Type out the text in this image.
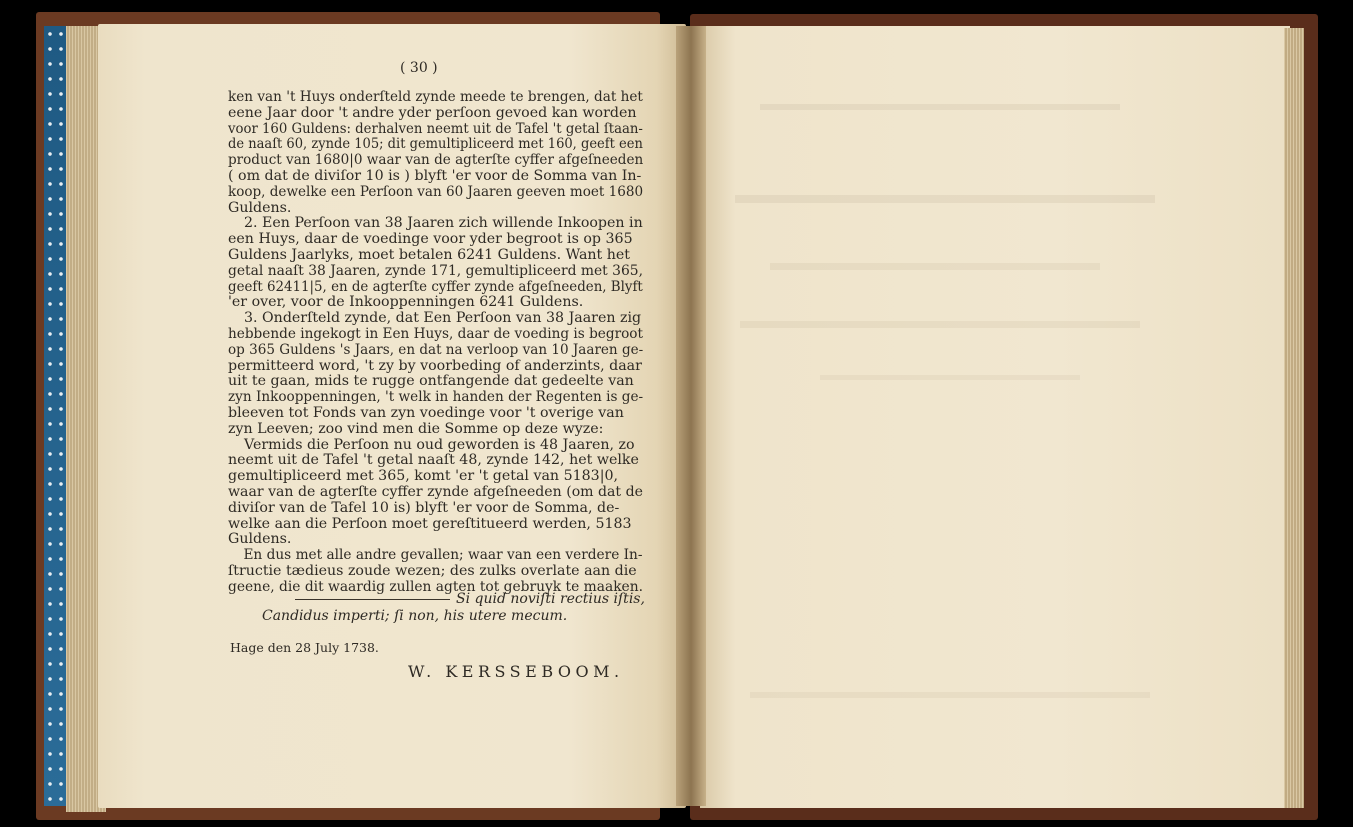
( 30 )
ken van 't Huys onderſteld zynde meede te brengen, dat het
eene Jaar door 't andre yder perſoon gevoed kan worden
voor 160 Guldens: derhalven neemt uit de Tafel 't getal ſtaan-
de naaſt 60, zynde 105; dit gemultipliceerd met 160, geeft een
product van 1680|0 waar van de agterſte cyffer afgeſneeden
( om dat de diviſor 10 is ) blyft 'er voor de Somma van In-
koop, dewelke een Perſoon van 60 Jaaren geeven moet 1680
Guldens.
2. Een Perſoon van 38 Jaaren zich willende Inkoopen in
een Huys, daar de voedinge voor yder begroot is op 365
Guldens Jaarlyks, moet betalen 6241 Guldens. Want het
getal naaſt 38 Jaaren, zynde 171, gemultipliceerd met 365,
geeft 62411|5, en de agterſte cyffer zynde afgeſneeden, Blyft
'er over, voor de Inkooppenningen 6241 Guldens.
3. Onderſteld zynde, dat Een Perſoon van 38 Jaaren zig
hebbende ingekogt in Een Huys, daar de voeding is begroot
op 365 Guldens 's Jaars, en dat na verloop van 10 Jaaren ge-
permitteerd word, 't zy by voorbeding of anderzints, daar
uit te gaan, mids te rugge ontfangende dat gedeelte van
zyn Inkooppenningen, 't welk in handen der Regenten is ge-
bleeven tot Fonds van zyn voedinge voor 't overige van
zyn Leeven; zoo vind men die Somme op deze wyze:
Vermids die Perſoon nu oud geworden is 48 Jaaren, zo
neemt uit de Tafel 't getal naaſt 48, zynde 142, het welke
gemultipliceerd met 365, komt 'er 't getal van 5183|0,
waar van de agterſte cyffer zynde afgeſneeden (om dat de
diviſor van de Tafel 10 is) blyft 'er voor de Somma, de-
welke aan die Perſoon moet gereſtitueerd werden, 5183
Guldens.
En dus met alle andre gevallen; waar van een verdere In-
ſtructie tædieus zoude wezen; des zulks overlate aan die
geene, die dit waardig zullen agten tot gebruyk te maaken.
Si quid noviſti rectius iſtis,
Candidus imperti; ſi non, his utere mecum.
Hage den 28 July 1738.
W. KERSSEBOOM.
